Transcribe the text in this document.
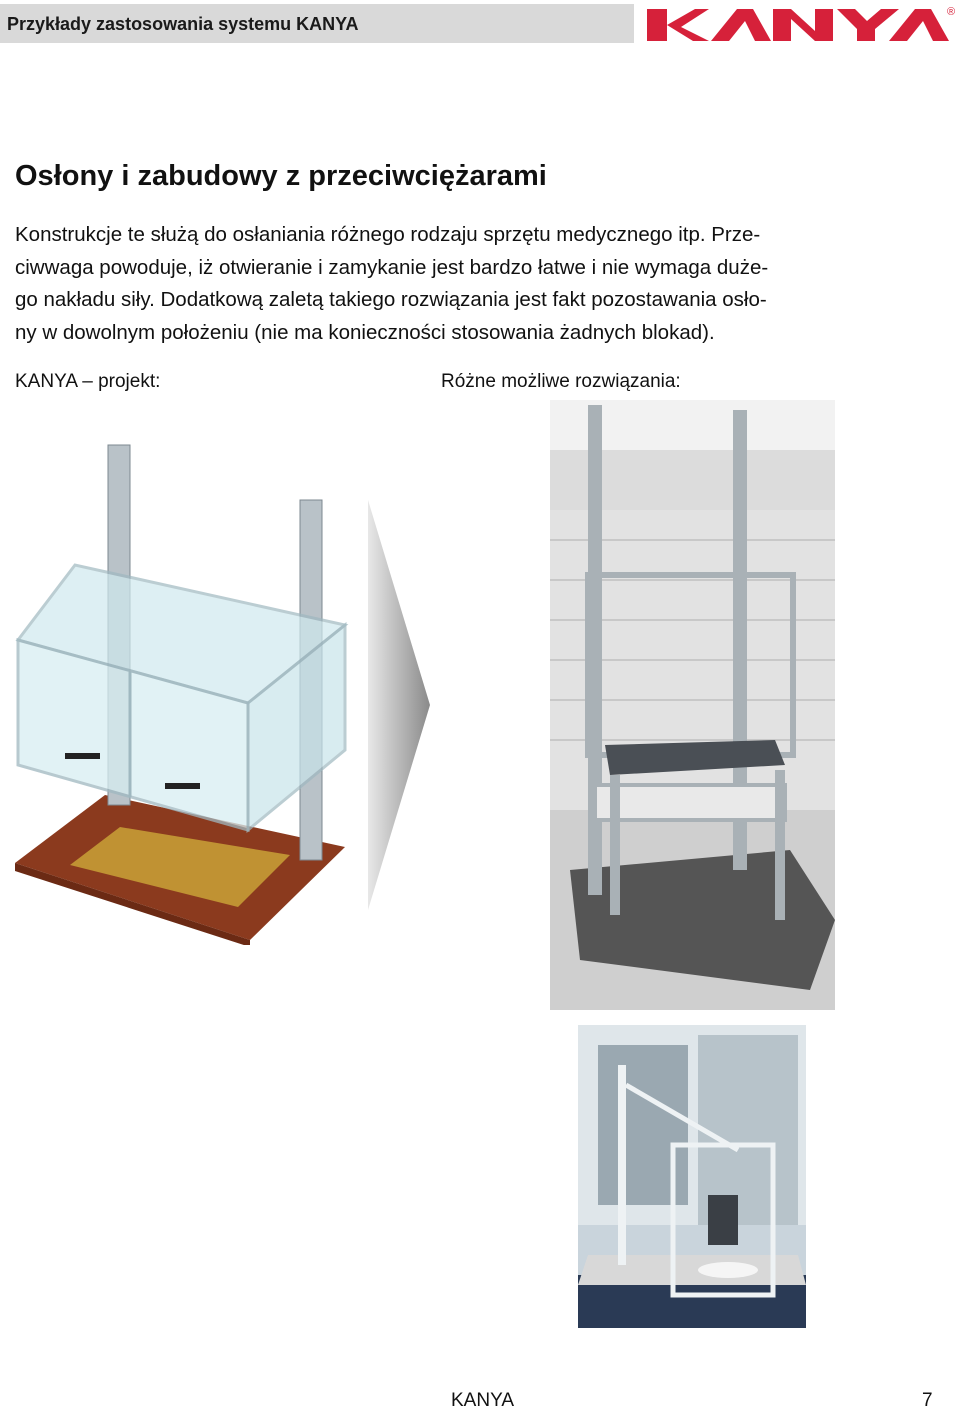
Przykłady zastosowania systemu KANYA
®
Osłony i zabudowy z przeciwciężarami
Konstrukcje te służą do osłaniania różnego rodzaju sprzętu medycznego itp. Prze-
ciwwaga powoduje, iż otwieranie i zamykanie jest bardzo łatwe i nie wymaga duże-
go nakładu siły. Dodatkową zaletą takiego rozwiązania jest fakt pozostawania osło-
ny w dowolnym położeniu (nie ma konieczności stosowania żadnych blokad).
KANYA – projekt:	Różne możliwe rozwiązania:
KANYA	7
